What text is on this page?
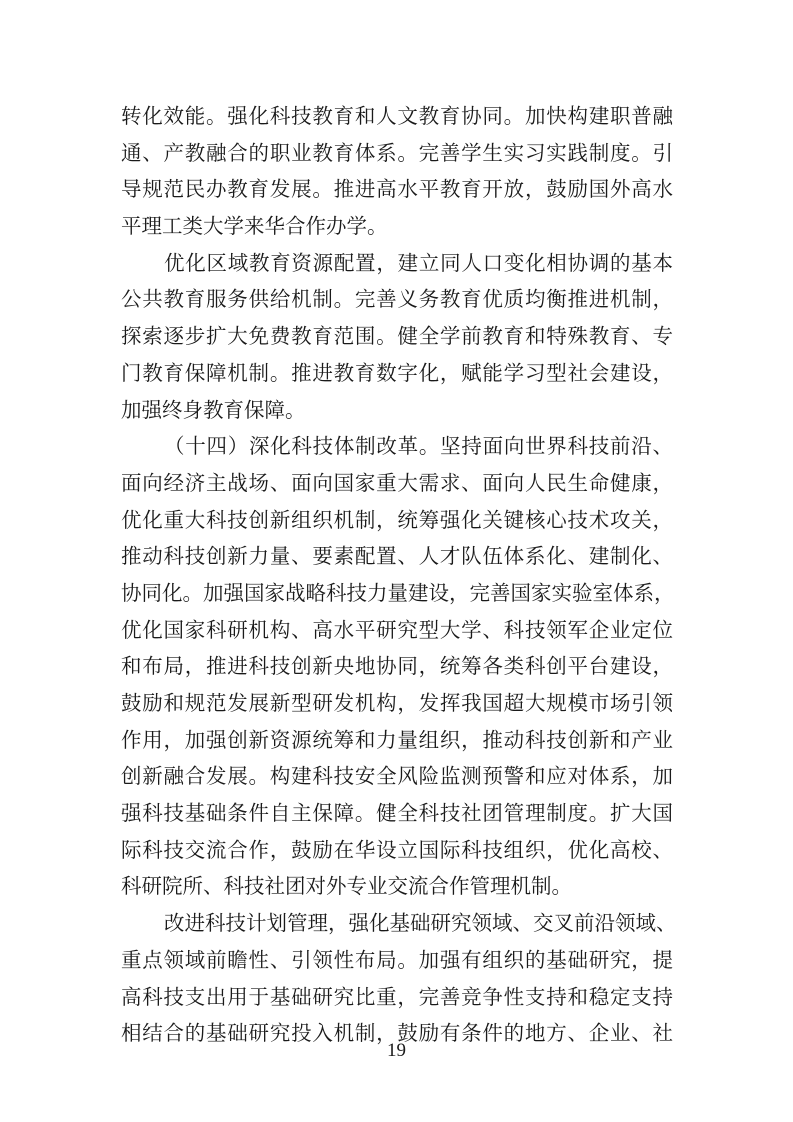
转化效能。强化科技教育和人文教育协同。加快构建职普融
通、产教融合的职业教育体系。完善学生实习实践制度。引
导规范民办教育发展。推进高水平教育开放，鼓励国外高水
平理工类大学来华合作办学。
优化区域教育资源配置，建立同人口变化相协调的基本
公共教育服务供给机制。完善义务教育优质均衡推进机制，
探索逐步扩大免费教育范围。健全学前教育和特殊教育、专
门教育保障机制。推进教育数字化，赋能学习型社会建设，
加强终身教育保障。
（十四）深化科技体制改革。坚持面向世界科技前沿、
面向经济主战场、面向国家重大需求、面向人民生命健康，
优化重大科技创新组织机制，统筹强化关键核心技术攻关，
推动科技创新力量、要素配置、人才队伍体系化、建制化、
协同化。加强国家战略科技力量建设，完善国家实验室体系，
优化国家科研机构、高水平研究型大学、科技领军企业定位
和布局，推进科技创新央地协同，统筹各类科创平台建设，
鼓励和规范发展新型研发机构，发挥我国超大规模市场引领
作用，加强创新资源统筹和力量组织，推动科技创新和产业
创新融合发展。构建科技安全风险监测预警和应对体系，加
强科技基础条件自主保障。健全科技社团管理制度。扩大国
际科技交流合作，鼓励在华设立国际科技组织，优化高校、
科研院所、科技社团对外专业交流合作管理机制。
改进科技计划管理，强化基础研究领域、交叉前沿领域、
重点领域前瞻性、引领性布局。加强有组织的基础研究，提
高科技支出用于基础研究比重，完善竞争性支持和稳定支持
相结合的基础研究投入机制，鼓励有条件的地方、企业、社
19
